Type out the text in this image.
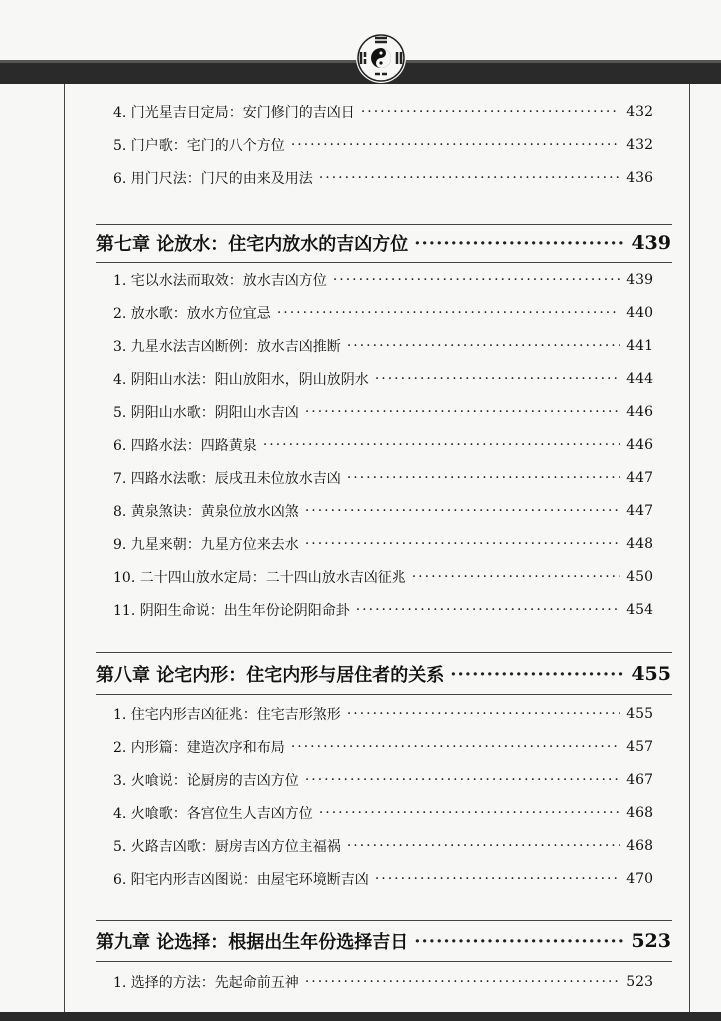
4. 门光星吉日定局：安门修门的吉凶日 ·····	432
5. 门户歌：宅门的八个方位 ·····	432
6. 用门尺法：门尺的由来及用法 ·····	436
第七章 论放水：住宅内放水的吉凶方位 ·····	439
1. 宅以水法而取效：放水吉凶方位 ·····	439
2. 放水歌：放水方位宜忌 ·····	440
3. 九星水法吉凶断例：放水吉凶推断 ·····	441
4. 阴阳山水法：阳山放阳水，阴山放阴水 ·····	444
5. 阴阳山水歌：阴阳山水吉凶 ·····	446
6. 四路水法：四路黄泉 ·····	446
7. 四路水法歌：辰戌丑未位放水吉凶 ·····	447
8. 黄泉煞诀：黄泉位放水凶煞 ·····	447
9. 九星来朝：九星方位来去水 ·····	448
10. 二十四山放水定局：二十四山放水吉凶征兆 ·····	450
11. 阴阳生命说：出生年份论阴阳命卦 ·····	454
第八章 论宅内形：住宅内形与居住者的关系 ·····	455
1. 住宅内形吉凶征兆：住宅吉形煞形 ·····	455
2. 内形篇：建造次序和布局 ·····	457
3. 火喰说：论厨房的吉凶方位 ·····	467
4. 火喰歌：各宫位生人吉凶方位 ·····	468
5. 火路吉凶歌：厨房吉凶方位主福祸 ·····	468
6. 阳宅内形吉凶图说：由屋宅环境断吉凶 ·····	470
第九章 论选择：根据出生年份选择吉日 ·····	523
1. 选择的方法：先起命前五神 ·····	523
